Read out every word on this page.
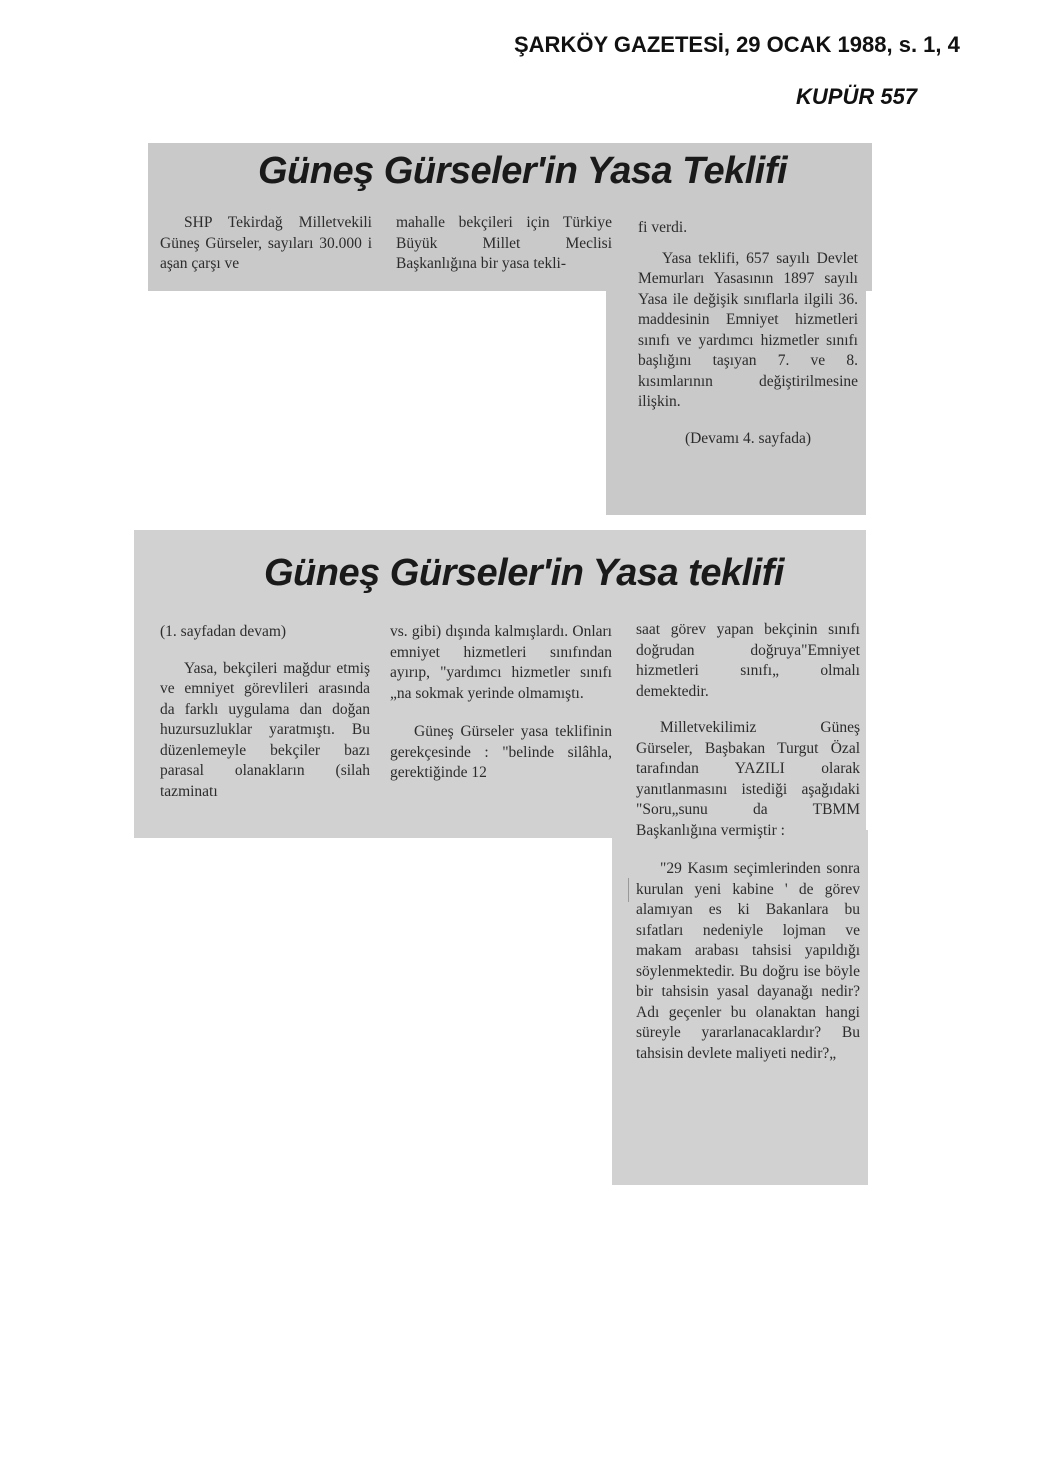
ŞARKÖY GAZETESİ, 29 OCAK 1988, s. 1, 4
KUPÜR 557
Güneş Gürseler'in Yasa Teklifi

SHP Tekirdağ Milletvekili Güneş Gürseler, sayıları 30.000 i aşan çarşı ve

mahalle bekçileri için Türkiye Büyük Millet Meclisi Başkanlığına bir yasa tekli-

fi verdi.

Yasa teklifi, 657 sayılı Devlet Memurları Yasasının 1897 sayılı Yasa ile değişik sınıflarla ilgili 36. maddesinin Emniyet hizmetleri sınıfı ve yardımcı hizmetler sınıfı başlığını taşıyan 7. ve 8. kısımlarının değiştirilmesine ilişkin.

(Devamı 4. sayfada)

Güneş Gürseler'in Yasa teklifi

(1. sayfadan devam)

Yasa, bekçileri mağdur etmiş ve emniyet görevlileri arasında da farklı uygulama dan doğan huzursuzluklar yaratmıştı. Bu düzenlemeyle bekçiler bazı parasal olanakların (silah tazminatı

vs. gibi) dışında kalmışlardı. Onları emniyet hizmetleri sınıfından ayırıp, "yardımcı hizmetler sınıfı „na sokmak yerinde olmamıştı.

Güneş Gürseler yasa teklifinin gerekçesinde : "belinde silâhla, gerektiğinde 12

saat görev yapan bekçinin sınıfı doğrudan doğruya"Emniyet hizmetleri sınıfı„ olmalı demektedir.

Milletvekilimiz Güneş Gürseler, Başbakan Turgut Özal tarafından YAZILI olarak yanıtlanmasını istediği aşağıdaki "Soru„sunu da TBMM Başkanlığına vermiştir :

"29 Kasım seçimlerinden sonra kurulan yeni kabine ' de görev alamıyan es ki Bakanlara bu sıfatları nedeniyle lojman ve makam arabası tahsisi yapıldığı söylenmektedir. Bu doğru ise böyle bir tahsisin yasal dayanağı nedir? Adı geçenler bu olanaktan hangi süreyle yararlanacaklardır? Bu tahsisin devlete maliyeti nedir?„
